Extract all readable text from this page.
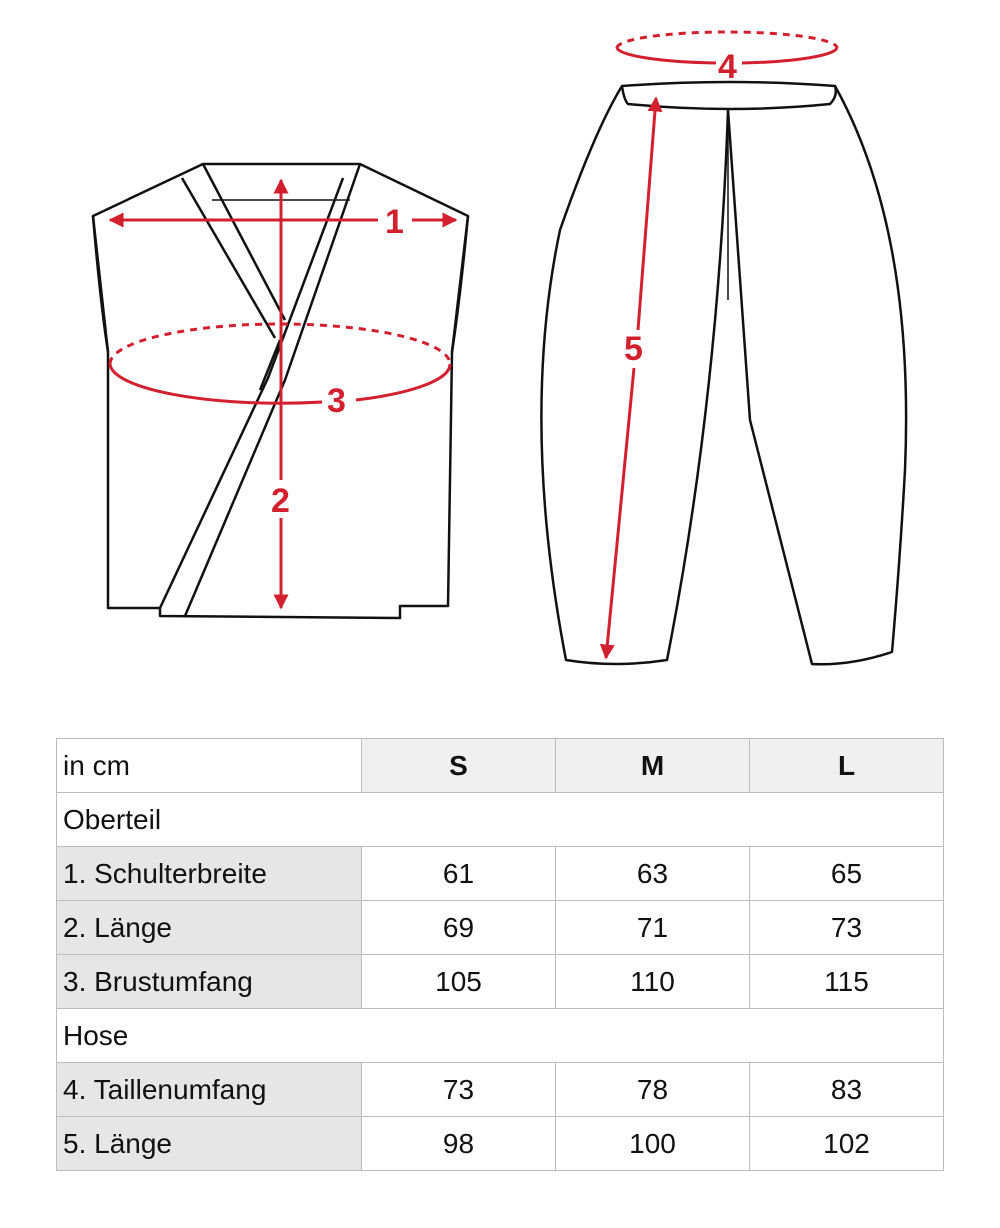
1
2
3
4
5
in cm	S	M	L
Oberteil			
1. Schulterbreite	61	63	65
2. Länge	69	71	73
3. Brustumfang	105	110	115
Hose			
4. Taillenumfang	73	78	83
5. Länge	98	100	102
